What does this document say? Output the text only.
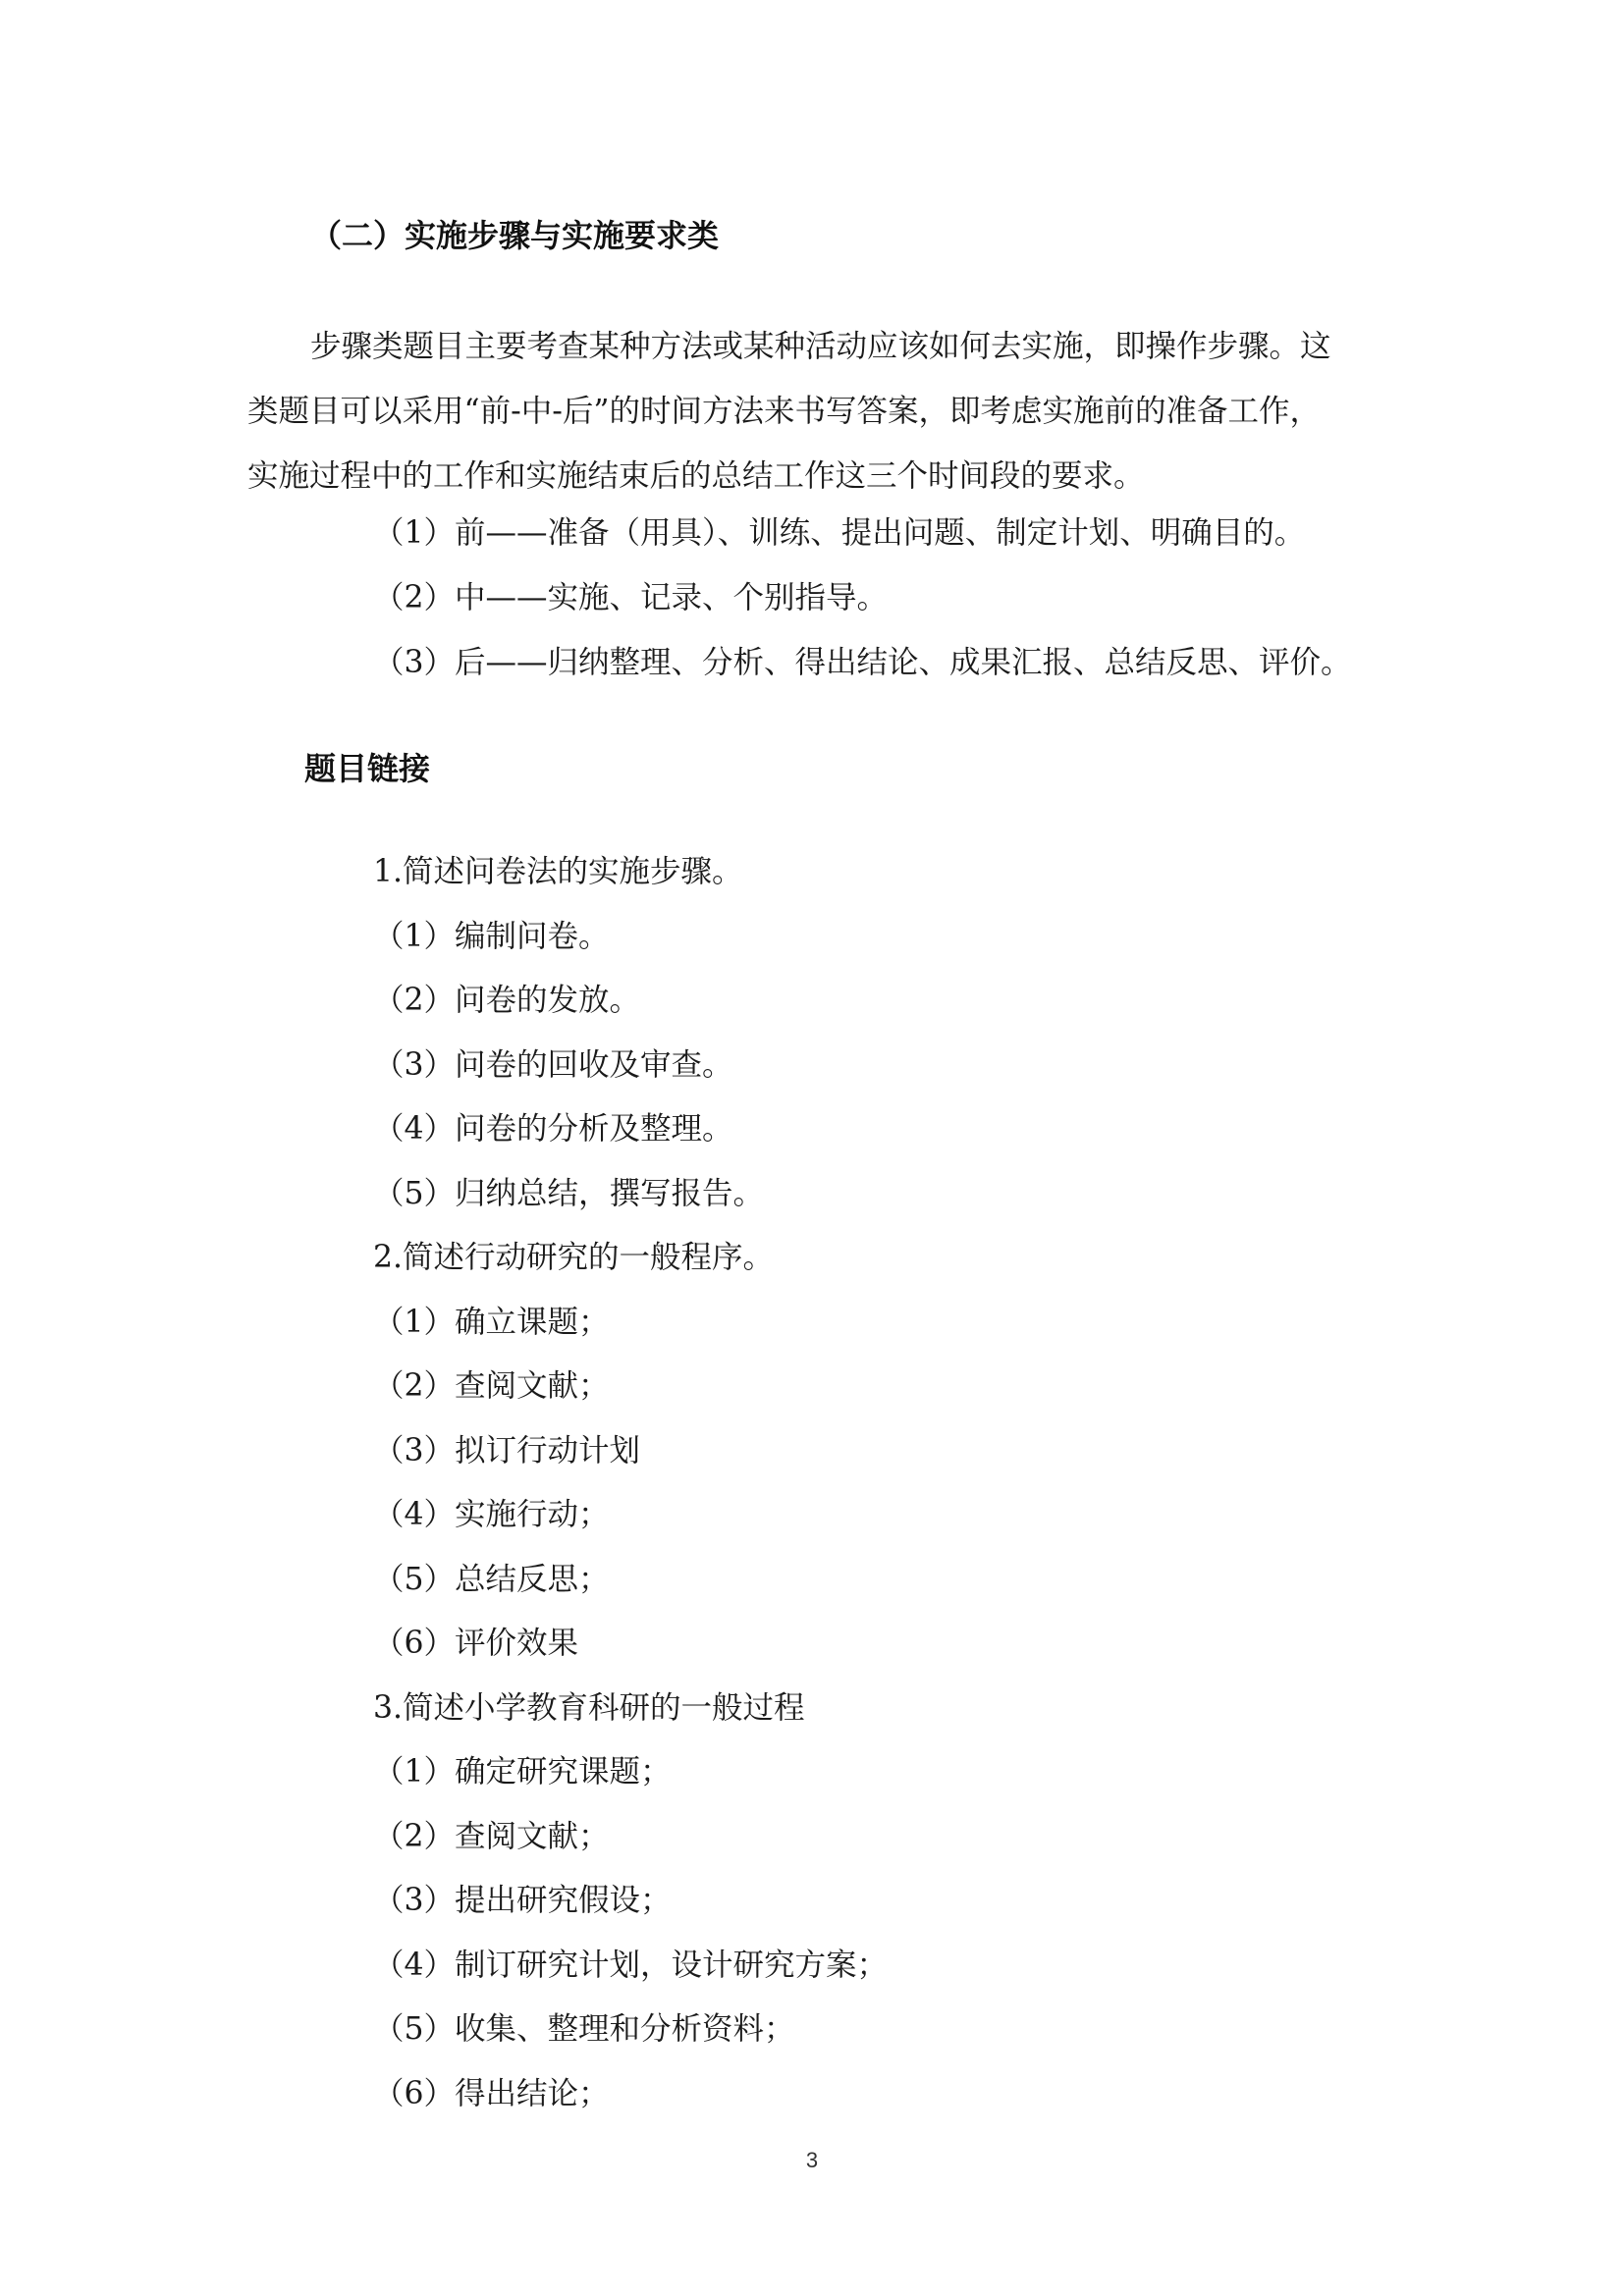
（二）实施步骤与实施要求类
步骤类题目主要考查某种方法或某种活动应该如何去实施，即操作步骤。这
类题目可以采用“前-中-后”的时间方法来书写答案，即考虑实施前的准备工作，
实施过程中的工作和实施结束后的总结工作这三个时间段的要求。
（1）前——准备（用具）、训练、提出问题、制定计划、明确目的。
（2）中——实施、记录、个别指导。
（3）后——归纳整理、分析、得出结论、成果汇报、总结反思、评价。
题目链接
1.简述问卷法的实施步骤。
（1）编制问卷。
（2）问卷的发放。
（3）问卷的回收及审查。
（4）问卷的分析及整理。
（5）归纳总结，撰写报告。
2.简述行动研究的一般程序。
（1）确立课题；
（2）查阅文献；
（3）拟订行动计划
（4）实施行动；
（5）总结反思；
（6）评价效果
3.简述小学教育科研的一般过程
（1）确定研究课题；
（2）查阅文献；
（3）提出研究假设；
（4）制订研究计划，设计研究方案；
（5）收集、整理和分析资料；
（6）得出结论；
3
